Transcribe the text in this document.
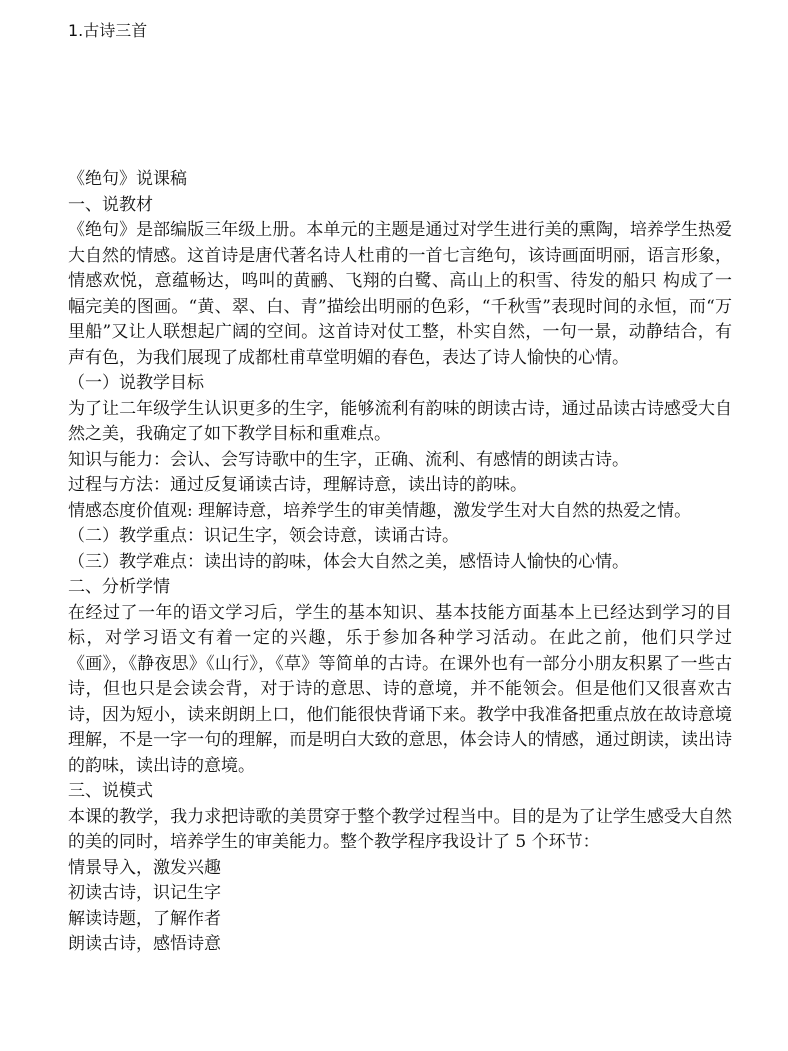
1.古诗三首

《绝句》说课稿

一、说教材

《绝句》是部编版三年级上册。本单元的主题是通过对学生进行美的熏陶，培养学生热爱大自然的情感。这首诗是唐代著名诗人杜甫的一首七言绝句，该诗画面明丽，语言形象，情感欢悦，意蕴畅达，鸣叫的黄鹂、飞翔的白鹭、高山上的积雪、待发的船只 构成了一幅完美的图画。“黄、翠、白、青”描绘出明丽的色彩，“千秋雪”表现时间的永恒，而“万里船”又让人联想起广阔的空间。这首诗对仗工整，朴实自然，一句一景，动静结合，有声有色，为我们展现了成都杜甫草堂明媚的春色，表达了诗人愉快的心情。

（一）说教学目标

为了让二年级学生认识更多的生字，能够流利有韵味的朗读古诗，通过品读古诗感受大自然之美，我确定了如下教学目标和重难点。

知识与能力：会认、会写诗歌中的生字，正确、流利、有感情的朗读古诗。

过程与方法：通过反复诵读古诗，理解诗意，读出诗的韵味。

情感态度价值观: 理解诗意，培养学生的审美情趣，激发学生对大自然的热爱之情。

（二）教学重点：识记生字，领会诗意，读诵古诗。

（三）教学难点：读出诗的韵味，体会大自然之美，感悟诗人愉快的心情。

二、分析学情

在经过了一年的语文学习后，学生的基本知识、基本技能方面基本上已经达到学习的目标，对学习语文有着一定的兴趣，乐于参加各种学习活动。在此之前，他们只学过《画》，《静夜思》《山行》，《草》等简单的古诗。在课外也有一部分小朋友积累了一些古诗，但也只是会读会背，对于诗的意思、诗的意境，并不能领会。但是他们又很喜欢古诗，因为短小，读来朗朗上口，他们能很快背诵下来。教学中我准备把重点放在故诗意境理解，不是一字一句的理解，而是明白大致的意思，体会诗人的情感，通过朗读，读出诗的韵味，读出诗的意境。

三、说模式

本课的教学，我力求把诗歌的美贯穿于整个教学过程当中。目的是为了让学生感受大自然的美的同时，培养学生的审美能力。整个教学程序我设计了 5 个环节：

情景导入，激发兴趣

初读古诗，识记生字

解读诗题，了解作者

朗读古诗，感悟诗意
